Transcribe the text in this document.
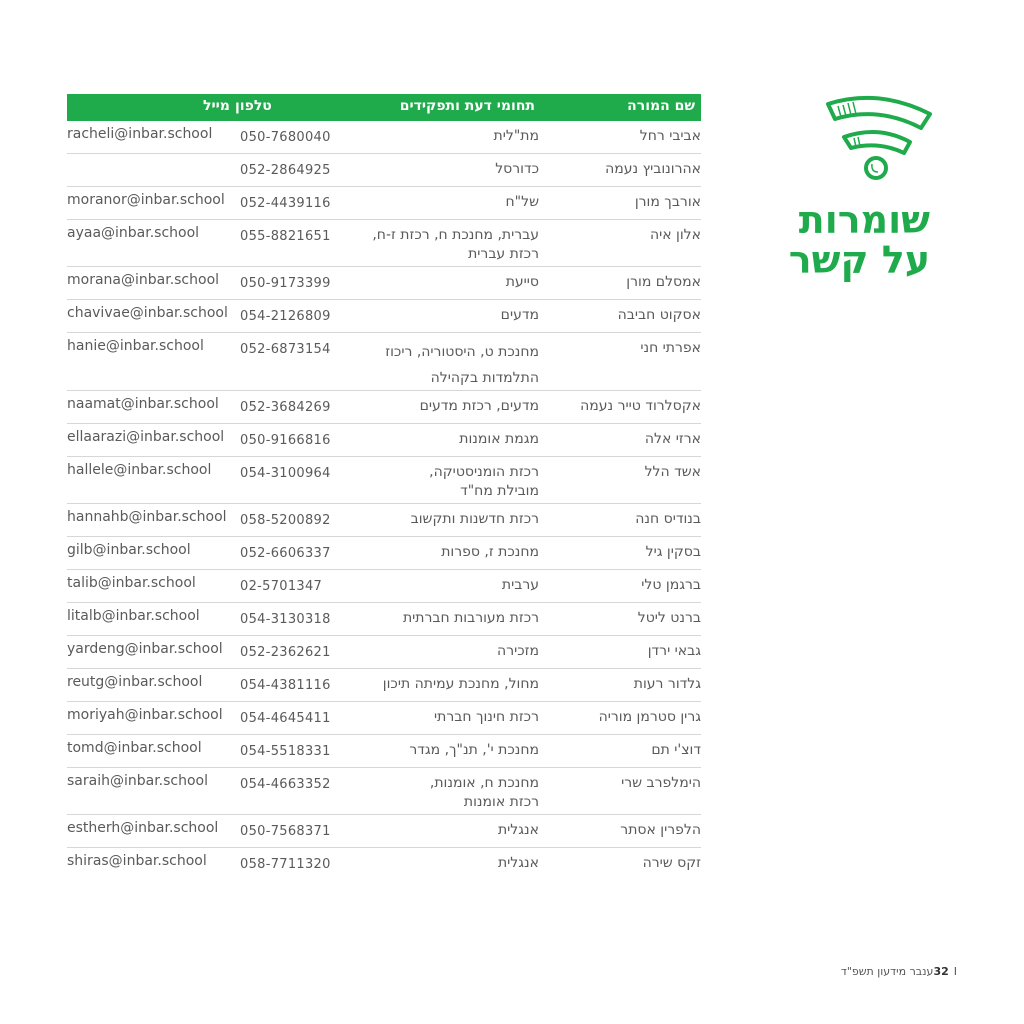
שם המורה
תחומי דעת ותפקידים
טלפון
מייל
אביבי רחל
מת"לית
050-7680040
racheli@inbar.school
אהרונוביץ נעמה
כדורסל
052-2864925
אורבך מורן
של"ח
052-4439116
moranor@inbar.school
אלון איה
עברית, מחנכת ח, רכזת ז-ח,
רכזת עברית
055-8821651
ayaa@inbar.school
אמסלם מורן
סייעת
050-9173399
morana@inbar.school
אסקוט חביבה
מדעים
054-2126809
chavivae@inbar.school
אפרתי חני
מחנכת ט, היסטוריה, ריכוז
התלמדות בקהילה
052-6873154
hanie@inbar.school
אקסלרוד טייר נעמה
מדעים, רכזת מדעים
052-3684269
naamat@inbar.school
ארזי אלה
מגמת אומנות
050-9166816
ellaarazi@inbar.school
אשד הלל
רכזת הומניסטיקה,
מובילת מח"ד
054-3100964
hallele@inbar.school
בנודיס חנה
רכזת חדשנות ותקשוב
058-5200892
hannahb@inbar.school
בסקין גיל
מחנכת ז, ספרות
052-6606337
gilb@inbar.school
ברגמן טלי
ערבית
02-5701347
talib@inbar.school
ברנט ליטל
רכזת מעורבות חברתית
054-3130318
litalb@inbar.school
גבאי ירדן
מזכירה
052-2362621
yardeng@inbar.school
גלדור רעות
מחול, מחנכת עמיתה תיכון
054-4381116
reutg@inbar.school
גרין סטרמן מוריה
רכזת חינוך חברתי
054-4645411
moriyah@inbar.school
דוצ'י תם
מחנכת י', תנ"ך, מגדר
054-5518331
tomd@inbar.school
הימלפרב שרי
מחנכת ח, אומנות,
רכזת אומנות
054-4663352
saraih@inbar.school
הלפרין אסתר
אנגלית
050-7568371
estherh@inbar.school
זקס שירה
אנגלית
058-7711320
shiras@inbar.school
שומרות
על קשר
32 Iענבר מידעון תשפ"ד
